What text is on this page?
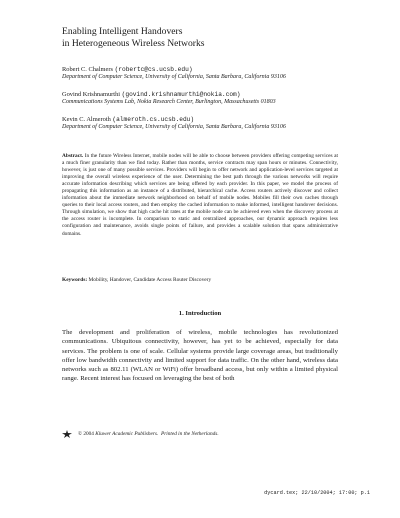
Enabling Intelligent Handovers
in Heterogeneous Wireless Networks
Robert C. Chalmers (robertc@cs.ucsb.edu)
Department of Computer Science, University of California, Santa Barbara, California 93106
Govind Krishnamurthi (govind.krishnamurthi@nokia.com)
Communications Systems Lab, Nokia Research Center, Burlington, Massachusetts 01803
Kevin C. Almeroth (almeroth.cs.ucsb.edu)
Department of Computer Science, University of California, Santa Barbara, California 93106
Abstract. In the future Wireless Internet, mobile nodes will be able to choose between providers offering competing services at a much finer granularity than we find today. Rather than months, service contracts may span hours or minutes. Connectivity, however, is just one of many possible services. Providers will begin to offer network and application-level services targeted at improving the overall wireless experience of the user. Determining the best path through the various networks will require accurate information describing which services are being offered by each provider. In this paper, we model the process of propagating this information as an instance of a distributed, hierarchical cache. Access routers actively discover and collect information about the immediate network neighborhood on behalf of mobile nodes. Mobiles fill their own caches through queries to their local access routers, and then employ the cached information to make informed, intelligent handover decisions. Through simulation, we show that high cache hit rates at the mobile node can be achieved even when the discovery process at the access router is incomplete. In comparison to static and centralized approaches, our dynamic approach requires less configuration and maintenance, avoids single points of failure, and provides a scalable solution that spans administrative domains.
Keywords: Mobility, Handover, Candidate Access Router Discovery
1. Introduction

The development and proliferation of wireless, mobile technologies has revolutionized communications. Ubiquitous connectivity, however, has yet to be achieved, especially for data services. The problem is one of scale. Cellular systems provide large coverage areas, but traditionally offer low bandwidth connectivity and limited support for data traffic. On the other hand, wireless data networks such as 802.11 (WLAN or WiFi) offer broadband access, but only within a limited physical range. Recent interest has focused on leveraging the best of both

© 2004
Kluwer Academic Publishers.
Printed in the Netherlands.
dycard.tex; 22/10/2004; 17:00; p.1
